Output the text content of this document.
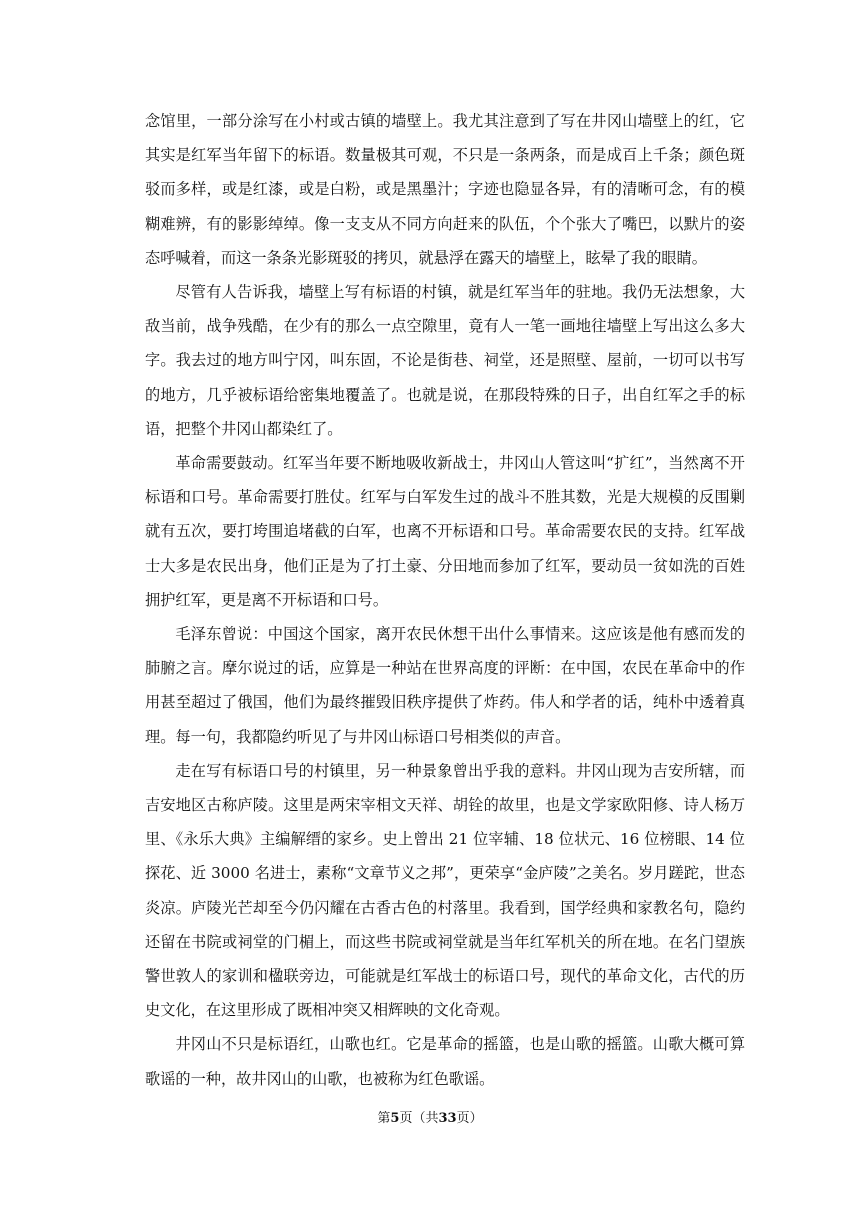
念馆里，一部分涂写在小村或古镇的墙壁上。我尤其注意到了写在井冈山墙壁上的红，它其实是红军当年留下的标语。数量极其可观，不只是一条两条，而是成百上千条；颜色斑驳而多样，或是红漆，或是白粉，或是黑墨汁；字迹也隐显各异，有的清晰可念，有的模糊难辨，有的影影绰绰。像一支支从不同方向赶来的队伍，个个张大了嘴巴，以默片的姿态呼喊着，而这一条条光影斑驳的拷贝，就悬浮在露天的墙壁上，眩晕了我的眼睛。

尽管有人告诉我，墙壁上写有标语的村镇，就是红军当年的驻地。我仍无法想象，大敌当前，战争残酷，在少有的那么一点空隙里，竟有人一笔一画地往墙壁上写出这么多大字。我去过的地方叫宁冈，叫东固，不论是街巷、祠堂，还是照壁、屋前，一切可以书写的地方，几乎被标语给密集地覆盖了。也就是说，在那段特殊的日子，出自红军之手的标语，把整个井冈山都染红了。

革命需要鼓动。红军当年要不断地吸收新战士，井冈山人管这叫“扩红”，当然离不开标语和口号。革命需要打胜仗。红军与白军发生过的战斗不胜其数，光是大规模的反围剿就有五次，要打垮围追堵截的白军，也离不开标语和口号。革命需要农民的支持。红军战士大多是农民出身，他们正是为了打土豪、分田地而参加了红军，要动员一贫如洗的百姓拥护红军，更是离不开标语和口号。

毛泽东曾说：中国这个国家，离开农民休想干出什么事情来。这应该是他有感而发的肺腑之言。摩尔说过的话，应算是一种站在世界高度的评断：在中国，农民在革命中的作用甚至超过了俄国，他们为最终摧毁旧秩序提供了炸药。伟人和学者的话，纯朴中透着真理。每一句，我都隐约听见了与井冈山标语口号相类似的声音。

走在写有标语口号的村镇里，另一种景象曾出乎我的意料。井冈山现为吉安所辖，而吉安地区古称庐陵。这里是两宋宰相文天祥、胡铨的故里，也是文学家欧阳修、诗人杨万里、《永乐大典》主编解缙的家乡。史上曾出 21 位宰辅、18 位状元、16 位榜眼、14 位探花、近 3000 名进士，素称“文章节义之邦”，更荣享“金庐陵”之美名。岁月蹉跎，世态炎凉。庐陵光芒却至今仍闪耀在古香古色的村落里。我看到，国学经典和家教名句，隐约还留在书院或祠堂的门楣上，而这些书院或祠堂就是当年红军机关的所在地。在名门望族警世敦人的家训和楹联旁边，可能就是红军战士的标语口号，现代的革命文化，古代的历史文化，在这里形成了既相冲突又相辉映的文化奇观。

井冈山不只是标语红，山歌也红。它是革命的摇篮，也是山歌的摇篮。山歌大概可算歌谣的一种，故井冈山的山歌，也被称为红色歌谣。

第5页（共33页）
